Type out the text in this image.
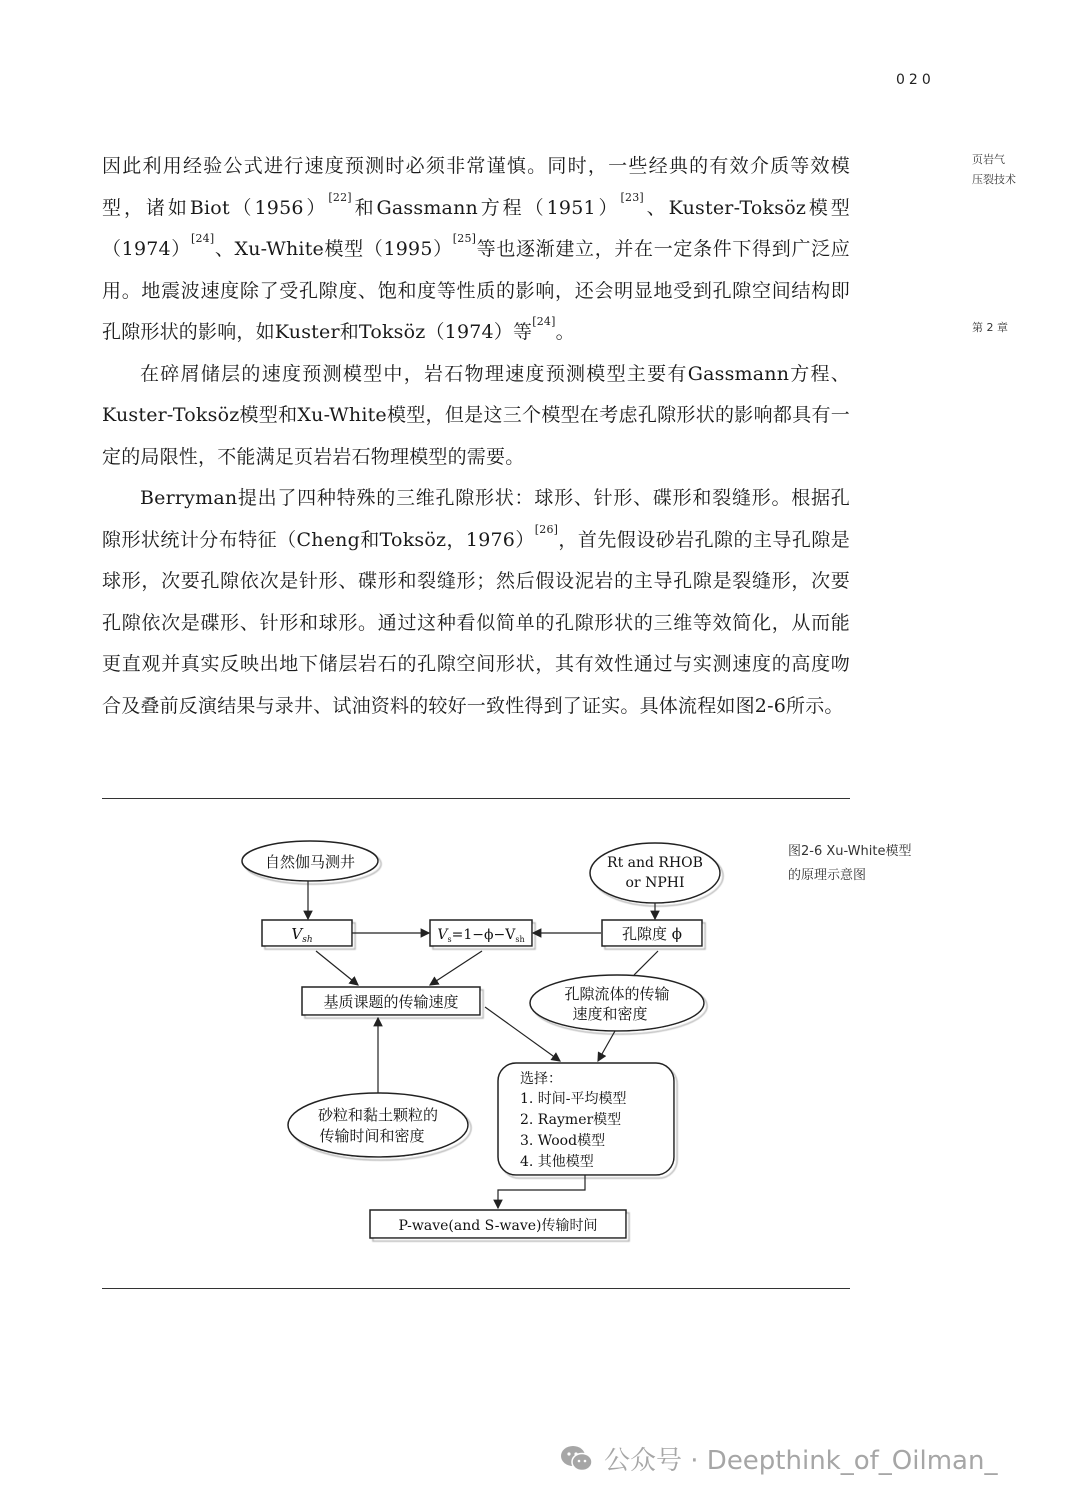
020
页岩气
压裂技术
第 2 章

因此利用经验公式进行速度预测时必须非常谨慎。同时，一些经典的有效介质等效模型，诸如Biot（1956）[22]和Gassmann方程（1951）[23]、Kuster-Toksöz模型（1974）[24]、Xu-White模型（1995）[25]等也逐渐建立，并在一定条件下得到广泛应用。地震波速度除了受孔隙度、饱和度等性质的影响，还会明显地受到孔隙空间结构即孔隙形状的影响，如Kuster和Toksöz（1974）等[24]。

在碎屑储层的速度预测模型中，岩石物理速度预测模型主要有Gassmann方程、Kuster-Toksöz模型和Xu-White模型，但是这三个模型在考虑孔隙形状的影响都具有一定的局限性，不能满足页岩岩石物理模型的需要。

Berryman提出了四种特殊的三维孔隙形状：球形、针形、碟形和裂缝形。根据孔隙形状统计分布特征（Cheng和Toksöz，1976）[26]，首先假设砂岩孔隙的主导孔隙是球形，次要孔隙依次是针形、碟形和裂缝形；然后假设泥岩的主导孔隙是裂缝形，次要孔隙依次是碟形、针形和球形。通过这种看似简单的孔隙形状的三维等效简化，从而能更直观并真实反映出地下储层岩石的孔隙空间形状，其有效性通过与实测速度的高度吻合及叠前反演结果与录井、试油资料的较好一致性得到了证实。具体流程如图2-6所示。

图2-6 Xu-White模型
的原理示意图
自然伽马测井	Rt and RHOB
or NPHI
$V_{sh}$	$V_s=1-\phi-V_{sh}$	孔隙度 ϕ
基质课题的传输速度	孔隙流体的传输
速度和密度
砂粒和黏土颗粒的
传输时间和密度
选择：
1. 时间-平均模型
2. Raymer模型
3. Wood模型
4. 其他模型
P-wave(and S-wave)传输时间
公众号 · Deepthink_of_Oilman_
